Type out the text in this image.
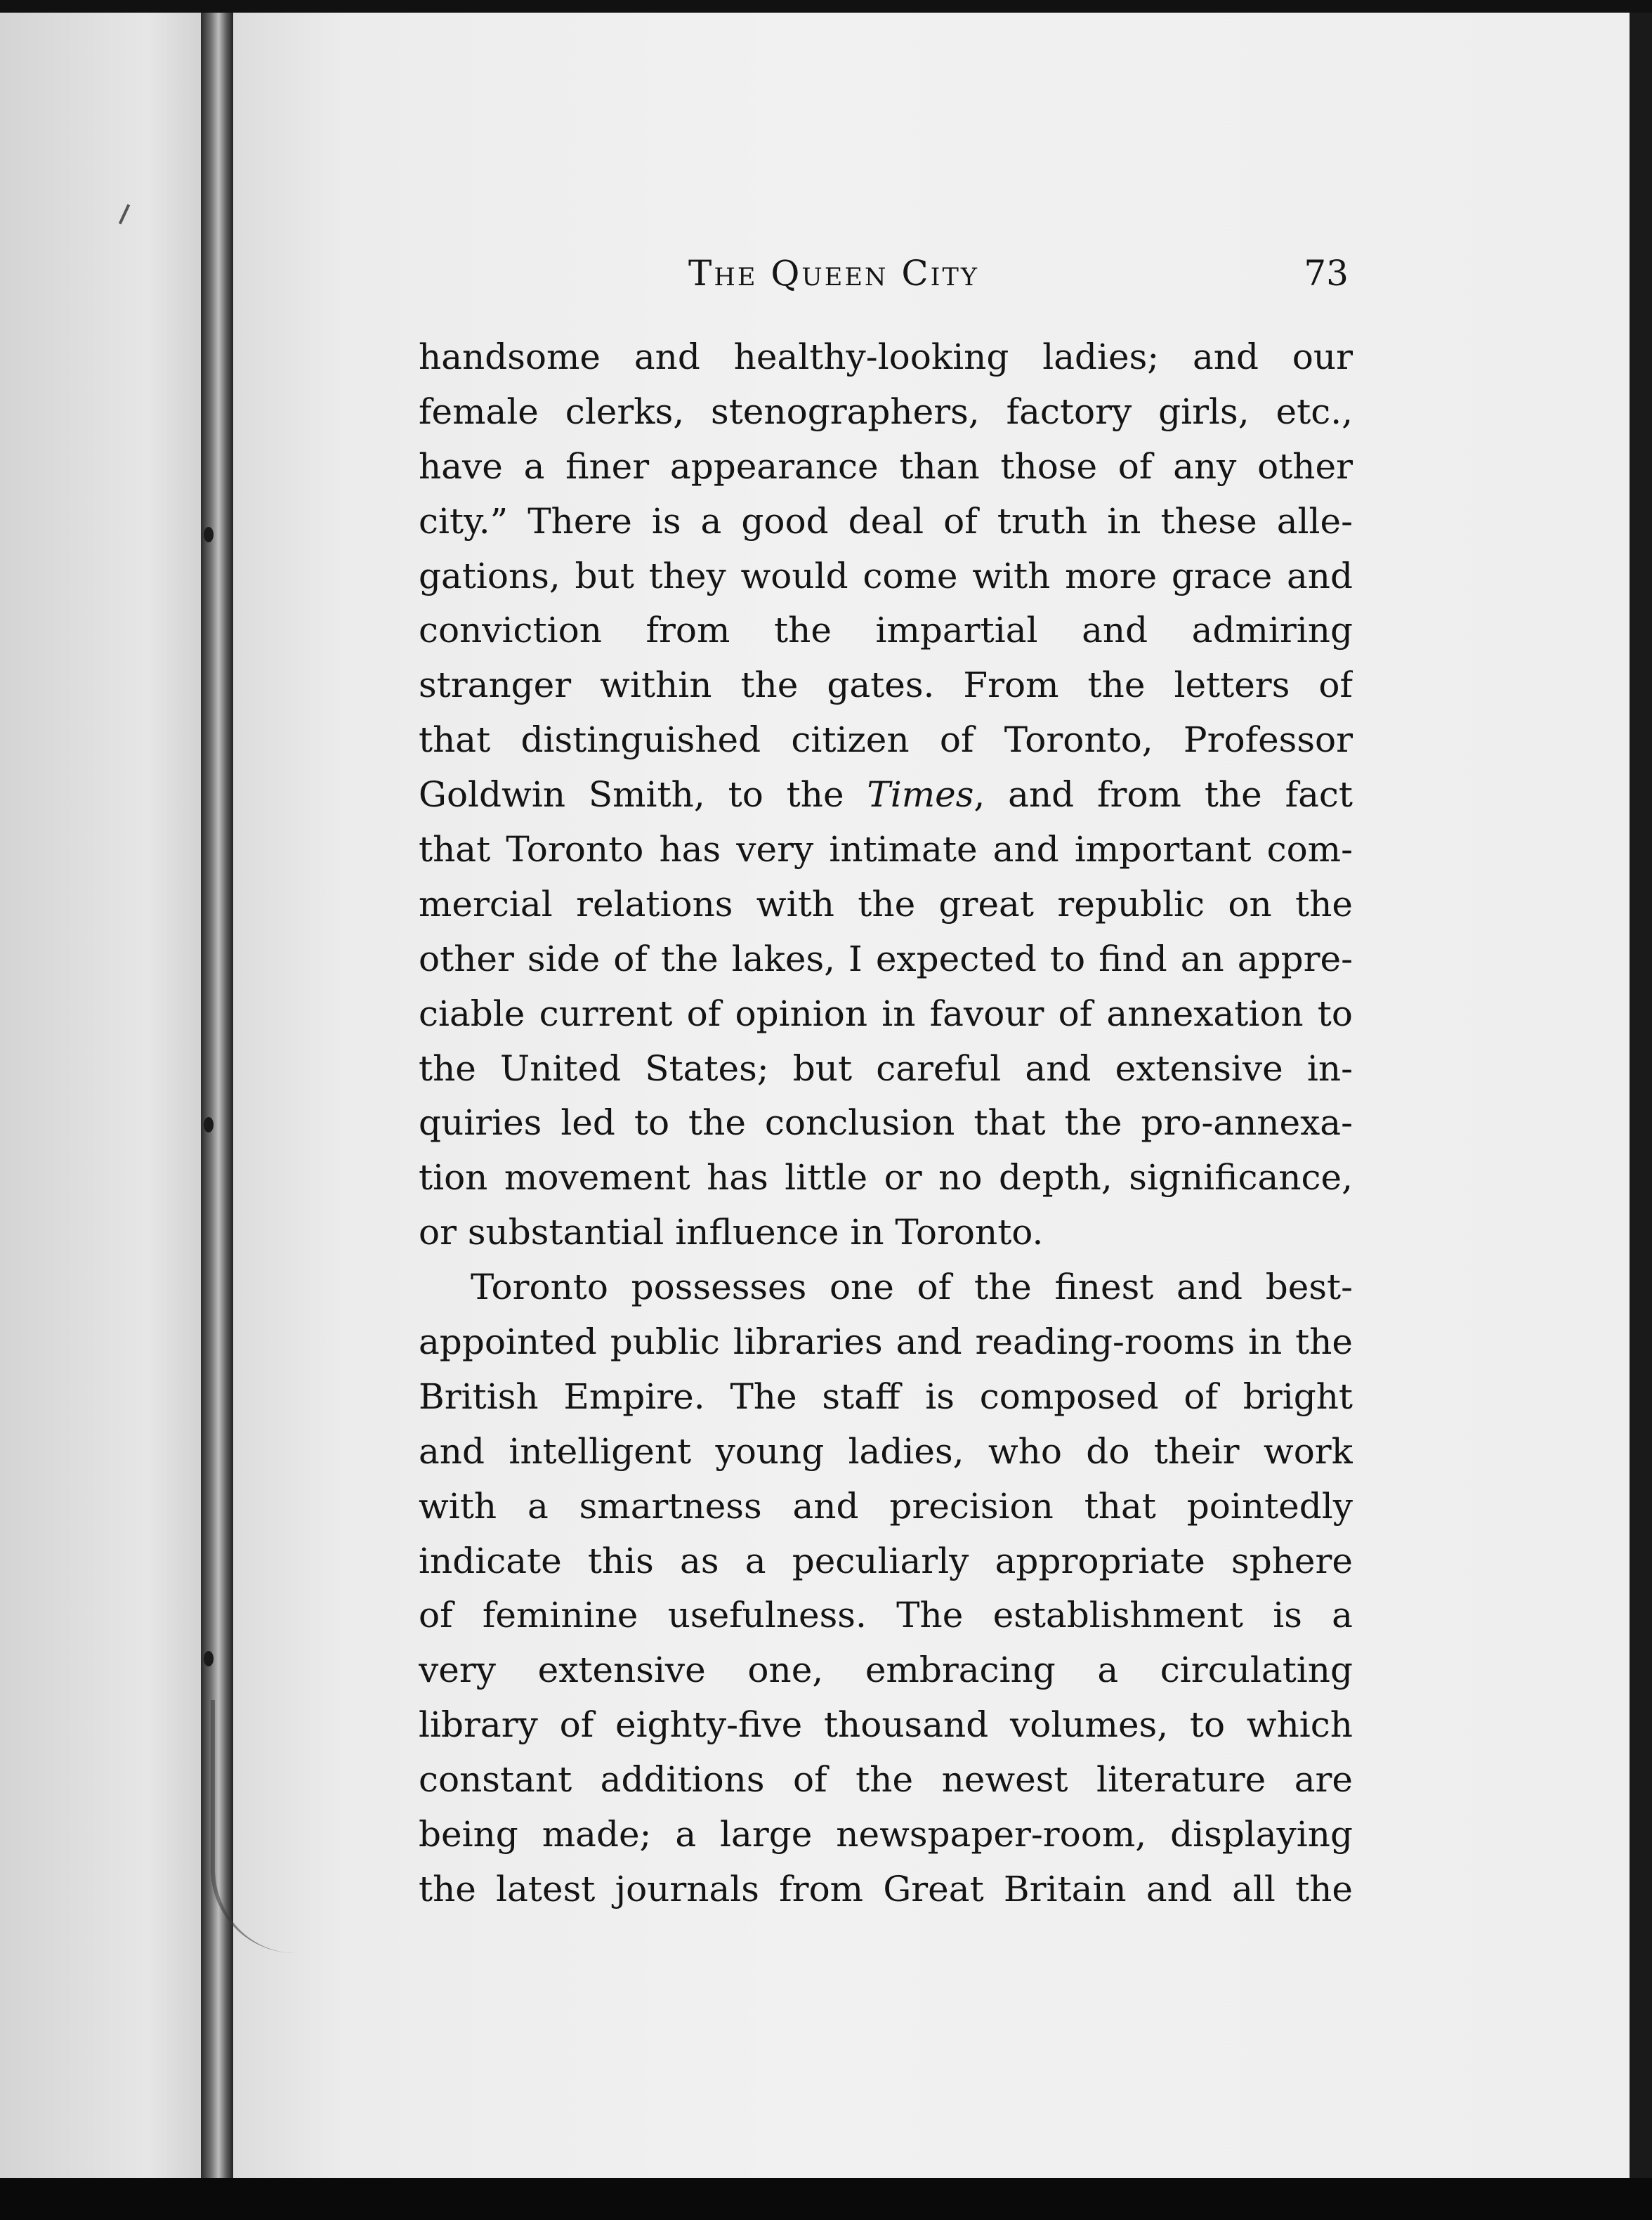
The Queen City	73
handsome and healthy-looking ladies; and our
female clerks, stenographers, factory girls, etc.,
have a finer appearance than those of any other
city.” There is a good deal of truth in these alle-
gations, but they would come with more grace and
conviction from the impartial and admiring
stranger within the gates. From the letters of
that distinguished citizen of Toronto, Professor
Goldwin Smith, to the Times, and from the fact
that Toronto has very intimate and important com-
mercial relations with the great republic on the
other side of the lakes, I expected to find an appre-
ciable current of opinion in favour of annexation to
the United States; but careful and extensive in-
quiries led to the conclusion that the pro-annexa-
tion movement has little or no depth, significance,
or substantial influence in Toronto.
Toronto possesses one of the finest and best-
appointed public libraries and reading-rooms in the
British Empire. The staff is composed of bright
and intelligent young ladies, who do their work
with a smartness and precision that pointedly
indicate this as a peculiarly appropriate sphere
of feminine usefulness. The establishment is a
very extensive one, embracing a circulating
library of eighty-five thousand volumes, to which
constant additions of the newest literature are
being made; a large newspaper-room, displaying
the latest journals from Great Britain and all the
